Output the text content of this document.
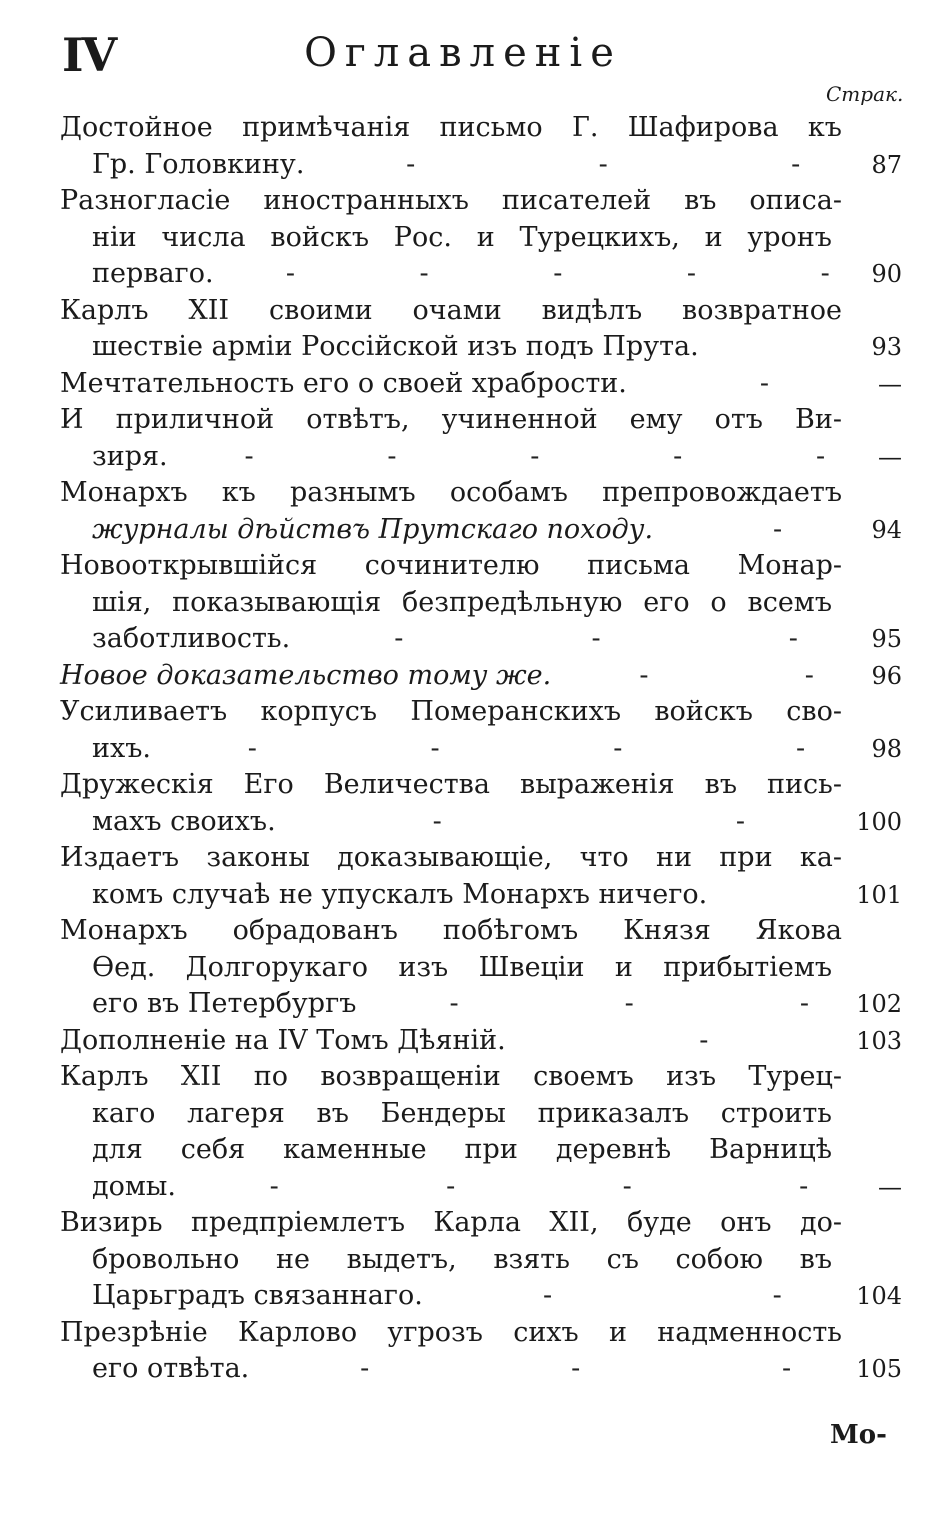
IV	Оглавленіе
Страк.
Достойное примѣчанія письмо Г. Шафирова къ
Гр. Головкину.	-	-	-	87
Разногласіе иностранныхъ писателей въ описа-
ніи числа войскъ Рос. и Турецкихъ, и уронъ
перваго.	-	-	-	-	-	90
Карлъ XII своими очами видѣлъ возвратное
шествіе арміи Россійской изъ подъ Прута.	93
Мечтательность его о своей храбрости.	-	—
И приличной отвѣтъ, учиненной ему отъ Ви-
зиря.	-	-	-	-	-	—
Монархъ къ разнымъ особамъ препровождаетъ
журналы дѣйствъ Прутскаго походу.	-	94
Новооткрывшійся сочинителю письма Монар-
шія, показывающія безпредѣльную его о всемъ
заботливость.	-	-	-	95
Новое доказательство тому же.	-	-	96
Усиливаетъ корпусъ Померанскихъ войскъ сво-
ихъ.	-	-	-	-	98
Дружескія Его Величества выраженія въ пись-
махъ своихъ.	-	-	100
Издаетъ законы доказывающіе, что ни при ка-
комъ случаѣ не упускалъ Монархъ ничего.	101
Монархъ обрадованъ побѣгомъ Князя Якова
Ѳед. Долгорукаго изъ Швеціи и прибытіемъ
его въ Петербургъ	-	-	-	102
Дополненіе на IV Томъ Дѣяній.	-	103
Карлъ XII по возвращеніи своемъ изъ Турец-
каго лагеря въ Бендеры приказалъ строить
для себя каменные при деревнѣ Варницѣ
домы.	-	-	-	-	—
Визирь предпріемлетъ Карла XII, буде онъ до-
бровольно не выдетъ, взять съ собою въ
Царьградъ связаннаго.	-	-	104
Презрѣніе Карлово угрозъ сихъ и надменность
его отвѣта.	-	-	-	105
Мо-
